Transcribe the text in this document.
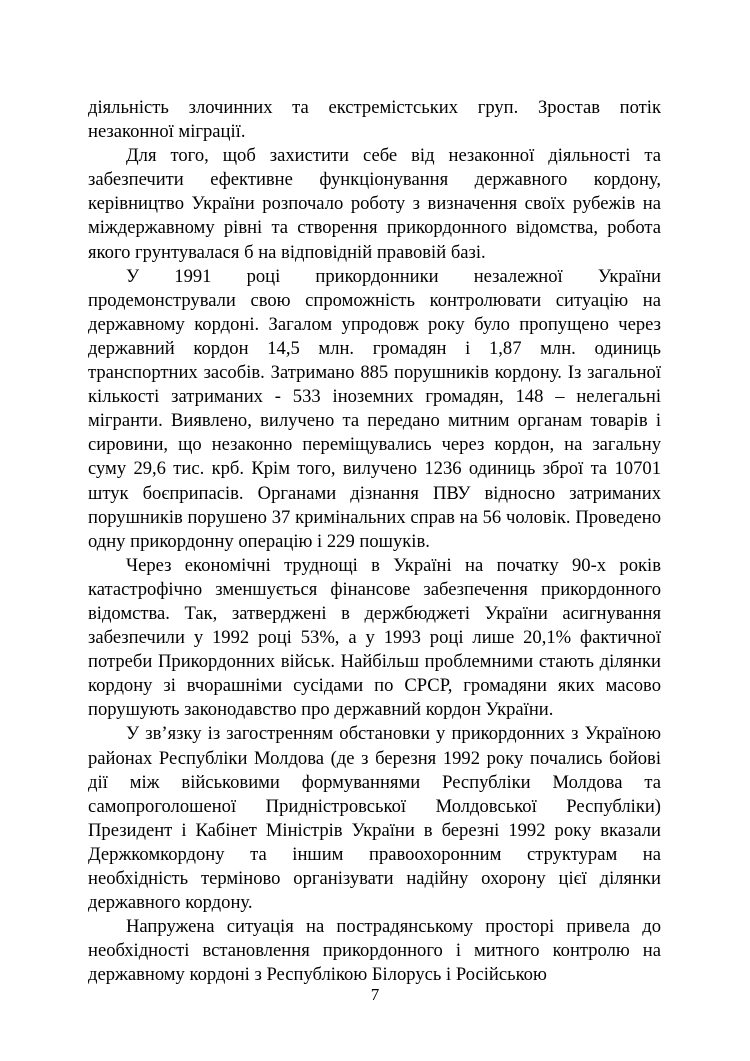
діяльність злочинних та екстремістських груп. Зростав потік незаконної міграції.

Для того, щоб захистити себе від незаконної діяльності та забезпечити ефективне функціонування державного кордону, керівництво України розпочало роботу з визначення своїх рубежів на міждержавному рівні та створення прикордонного відомства, робота якого грунтувалася б на відповідній правовій базі.

У 1991 році прикордонники незалежної України продемонстрували свою спроможність контролювати ситуацію на державному кордоні. Загалом упродовж року було пропущено через державний кордон 14,5 млн. громадян і 1,87 млн. одиниць транспортних засобів. Затримано 885 порушників кордону. Із загальної кількості затриманих - 533 іноземних громадян, 148 – нелегальні мігранти. Виявлено, вилучено та передано митним органам товарів і сировини, що незаконно переміщувались через кордон, на загальну суму 29,6 тис. крб. Крім того, вилучено 1236 одиниць зброї та 10701 штук боєприпасів. Органами дізнання ПВУ відносно затриманих порушників порушено 37 кримінальних справ на 56 чоловік. Проведено одну прикордонну операцію і 229 пошуків.

Через економічні труднощі в Україні на початку 90-х років катастрофічно зменшується фінансове забезпечення прикордонного відомства. Так, затверджені в держбюджеті України асигнування забезпечили у 1992 році 53%, а у 1993 році лише 20,1% фактичної потреби Прикордонних військ. Найбільш проблемними стають ділянки кордону зі вчорашніми сусідами по СРСР, громадяни яких масово порушують законодавство про державний кордон України.

У зв’язку із загостренням обстановки у прикордонних з Україною районах Республіки Молдова (де з березня 1992 року почались бойові дії між військовими формуваннями Республіки Молдова та самопроголошеної Придністровської Молдовської Республіки) Президент і Кабінет Міністрів України в березні 1992 року вказали Держкомкордону та іншим правоохоронним структурам на необхідність терміново організувати надійну охорону цієї ділянки державного кордону.

Напружена ситуація на пострадянському просторі привела до необхідності встановлення прикордонного і митного контролю на державному кордоні з Республікою Білорусь і Російською

7
